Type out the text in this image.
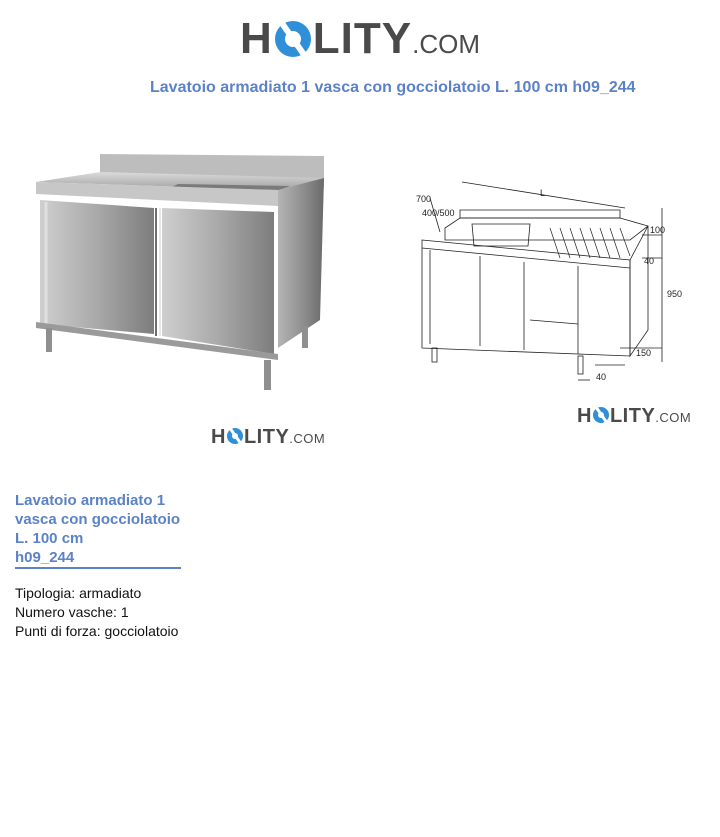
H LITY .COM
Lavatoio armadiato 1 vasca con gocciolatoio L. 100 cm h09_244
H LITY .COM
700
400/500
L
100
40
950
150
40
H LITY .COM
Lavatoio armadiato 1
vasca con gocciolatoio
L. 100 cm
h09_244
Tipologia: armadiato
Numero vasche: 1
Punti di forza: gocciolatoio
